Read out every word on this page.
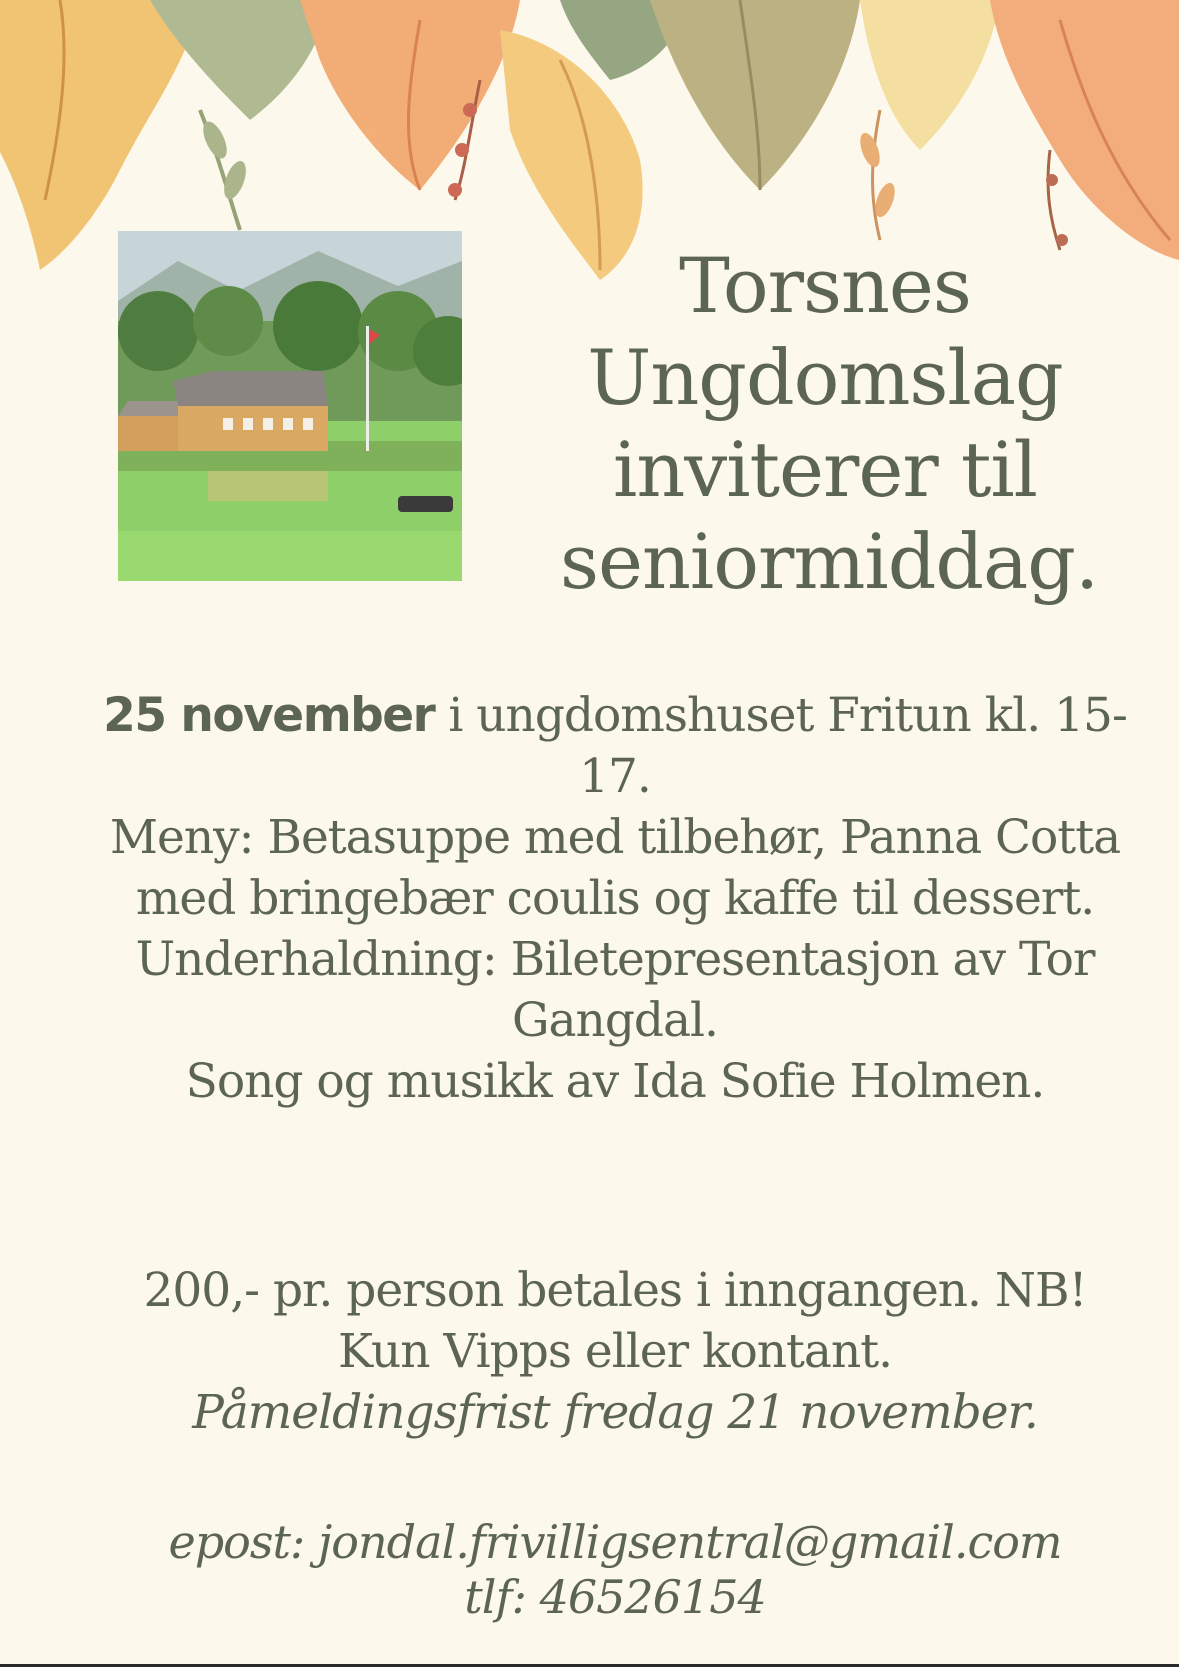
Torsnes
Ungdomslag
inviterer til
seniormiddag.

25 november i ungdomshuset Fritun kl. 15-17.

Meny: Betasuppe med tilbehør, Panna Cotta med bringebær coulis og kaffe til dessert.

Underhaldning: Biletepresentasjon av Tor Gangdal.

Song og musikk av Ida Sofie Holmen.

200,- pr. person betales i inngangen. NB!

Kun Vipps eller kontant.

Påmeldingsfrist fredag 21 november.

epost: jondal.frivilligsentral@gmail.com

tlf: 46526154
